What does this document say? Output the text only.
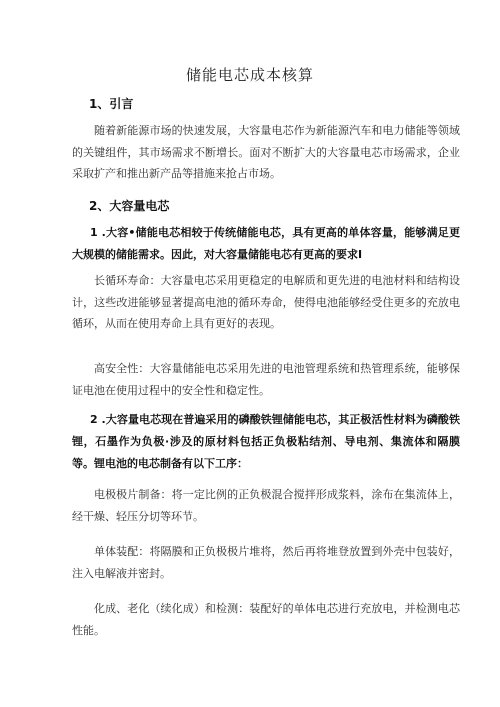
储能电芯成本核算
1、引言

随着新能源市场的快速发展，大容量电芯作为新能源汽车和电力储能等领域的关键组件，其市场需求不断增长。面对不断扩大的大容量电芯市场需求，企业采取扩产和推出新产品等措施来抢占市场。

2、大容量电芯

1 .大容•储能电芯相较于传统储能电芯，具有更高的单体容量，能够满足更大规模的储能需求。因此，对大容量储能电芯有更高的要求I

长循环寿命：大容量电芯采用更稳定的电解质和更先进的电池材料和结构设计，这些改进能够显著提高电池的循环寿命，使得电池能够经受住更多的充放电循环，从而在使用寿命上具有更好的表现。

高安全性：大容量储能电芯采用先进的电池管理系统和热管理系统，能够保证电池在使用过程中的安全性和稳定性。

2 .大容量电芯现在普遍采用的磷酸铁锂储能电芯，其正极活性材料为磷酸铁锂，石墨作为负极·涉及的原材料包括正负极粘结剂、导电剂、集流体和隔膜等。锂电池的电芯制备有以下工序：

电极极片制备：将一定比例的正负极混合搅拌形成浆料，涂布在集流体上，经干燥、轻压分切等环节。

单体装配：将隔膜和正负极极片堆将，然后再将堆登放置到外壳中包装好，注入电解液并密封。

化成、老化（续化成）和检测：装配好的单体电芯进行充放电，并检测电芯性能。
